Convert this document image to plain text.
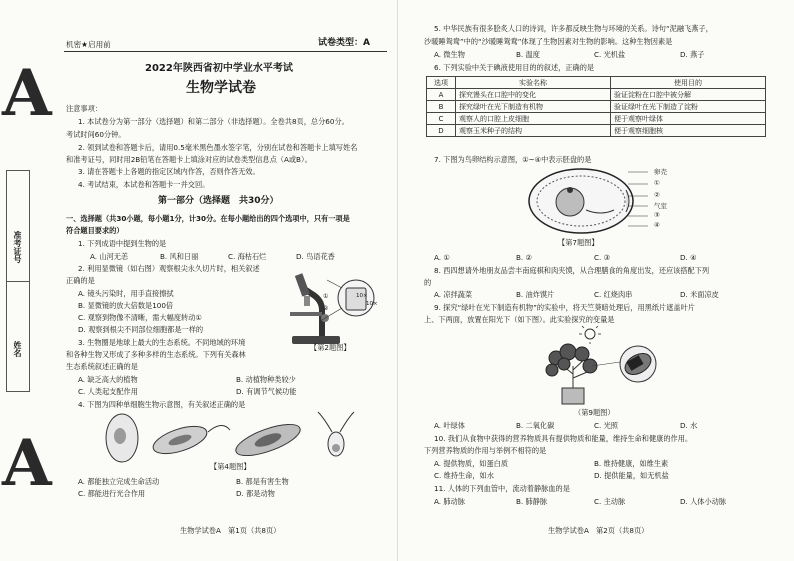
A
A
准考证号
姓名
机密★启用前	试卷类型：A
2022年陕西省初中学业水平考试
生物学试卷
注意事项：
1. 本试卷分为第一部分（选择题）和第二部分（非选择题）。全卷共8页，总分60分。
考试时间60分钟。
2. 领到试卷和答题卡后，请用0.5毫米黑色墨水签字笔，分别在试卷和答题卡上填写姓名
和准考证号，同时用2B铅笔在答题卡上填涂对应的试卷类型信息点（A或B）。
3. 请在答题卡上各题的指定区域内作答，否则作答无效。
4. 考试结束，本试卷和答题卡一并交回。
第一部分（选择题　共30分）
一、选择题（共30小题，每小题1分，计30分。在每小题给出的四个选项中，只有一项是
符合题目要求的）
1. 下列成语中提到生物的是
A. 山河无恙	B. 风和日丽	C. 海枯石烂	D. 鸟语花香
2. 利用显微镜（如右图）观察根尖永久切片时，相关叙述
正确的是
A. 镜头污染时，用手直接擦拭
B. 显微镜的放大倍数是100倍
C. 观察到物像不清晰，需大幅度转动①
D. 观察到根尖不同部位细胞都是一样的
10×
10×
①
②
【第2题图】
3. 生物圈是地球上最大的生态系统。不同地域的环境
和各种生物又形成了多种多样的生态系统。下列有关森林
生态系统叙述正确的是
A. 缺乏高大的植物	B. 动植物种类较少
C. 人类起支配作用	D. 有调节气候功能
4. 下图为四种单细胞生物示意图，有关叙述正确的是
【第4题图】
A. 都能独立完成生命活动	B. 都是有害生物
C. 都能进行光合作用	D. 都是动物
生物学试卷A　第1页（共8页）
5. 中华民族有很多脍炙人口的诗词，许多都反映生物与环境的关系。诗句“泥融飞燕子，
沙暖睡鸳鸯”中的“沙暖睡鸳鸯”体现了生物因素对生物的影响。这种生物因素是
A. 微生物	B. 温度	C. 光机盐	D. 燕子
6. 下列实验中关于碘液使用目的的叙述，正确的是
选项	实验名称	使用目的
A	探究馒头在口腔中的变化	验证淀粉在口腔中被分解
B	探究绿叶在光下制造有机物	验证绿叶在光下制造了淀粉
C	观察人的口腔上皮细胞	便于观察叶绿体
D	观察玉米种子的结构	便于观察细胞核
7. 下图为鸟卵结构示意图，①~④中表示胚盘的是
卵壳
①
②
气室
③
④
【第7题图】
A. ①	B. ②	C. ③	D. ④
8. 西四想请外地朋友品尝丰南庭棋和肉夹馍，从合理膳食的角度出发，还应该搭配下列
的
A. 凉拌蔬菜	B. 油炸馍片	C. 红烧肉串	D. 米面凉皮
9. 探究“绿叶在光下制造有机物”的实验中，将天竺葵暗处理后，用黑纸片遮盖叶片
上、下两面，放置在阳光下（如下图）。此实验探究的变量是
（第9题图）
A. 叶绿体	B. 二氧化碳	C. 光照	D. 水
10. 我们从食物中获得的营养物质具有提供物质和能量，维持生命和健康的作用。
下列营养物质的作用与举例不相符的是
A. 提供物质，如蛋白质	B. 维持健康，如维生素
C. 维持生命，如水	D. 提供能量，如无机盐
11. 人体的下列血管中，流动着静脉血的是
A. 肺动脉	B. 肺静脉	C. 主动脉	D. 人体小动脉
生物学试卷A　第2页（共8页）
